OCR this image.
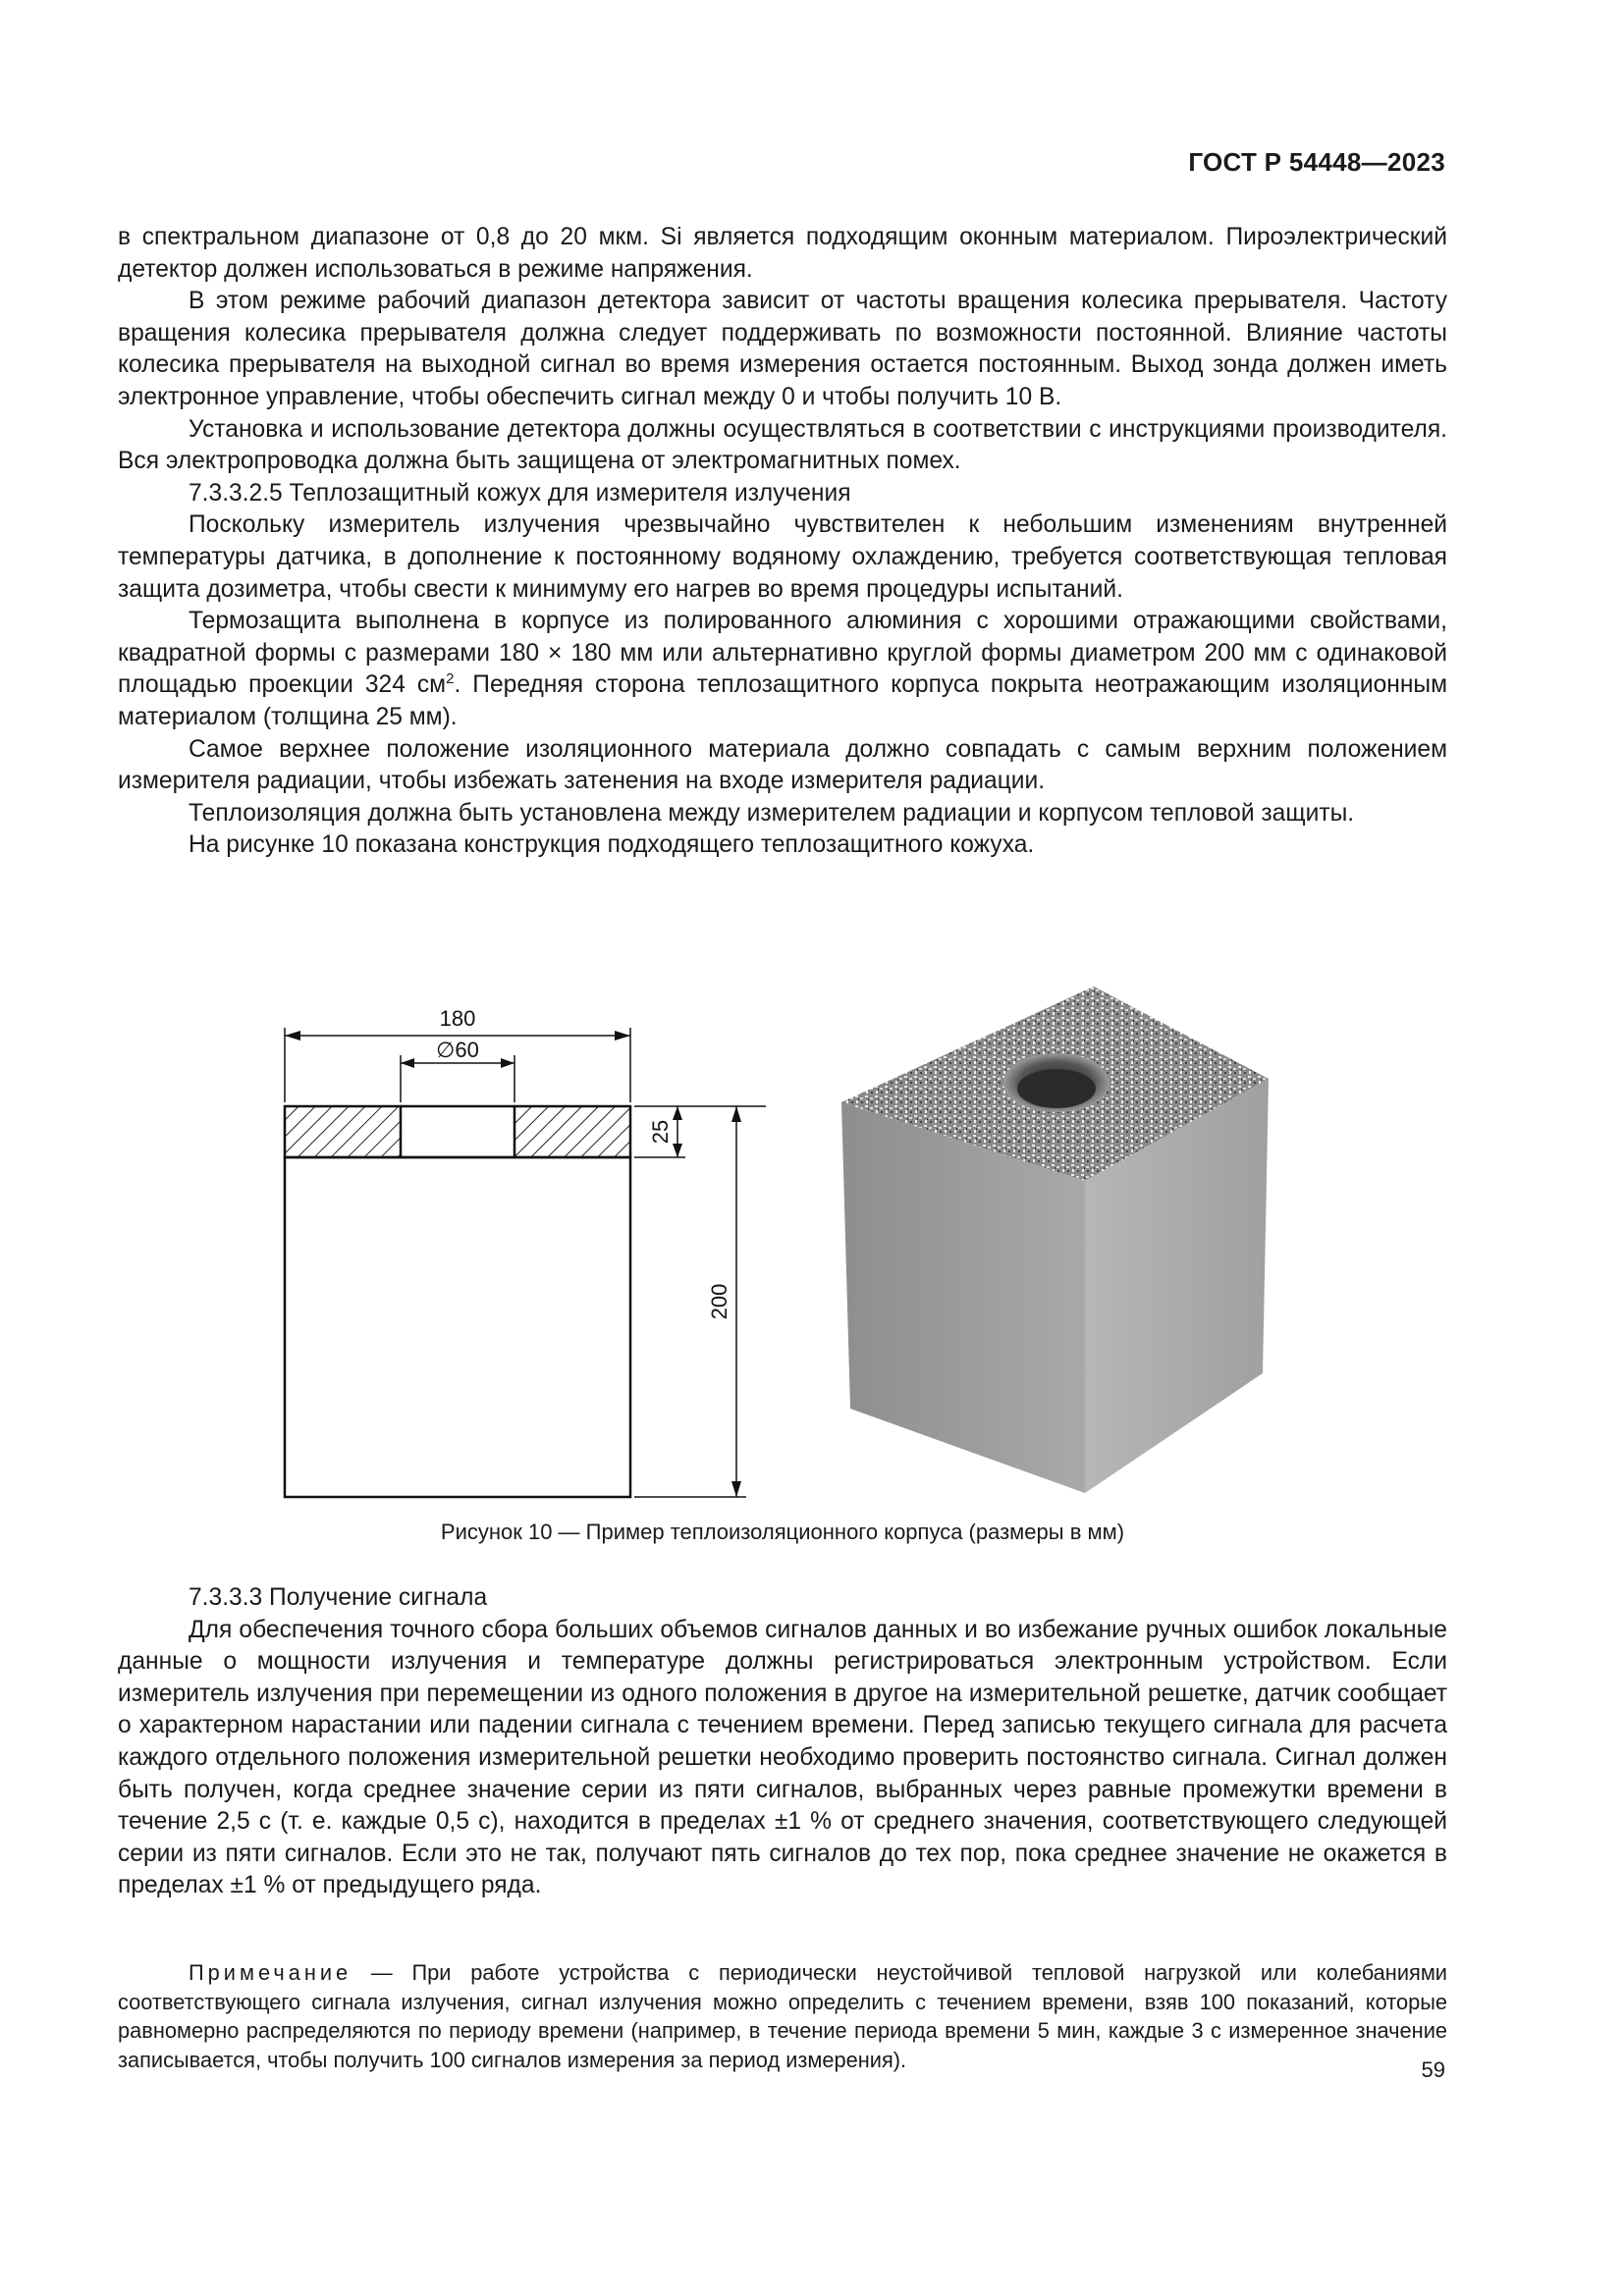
ГОСТ Р 54448—2023

в спектральном диапазоне от 0,8 до 20 мкм. Si является подходящим оконным материалом. Пироэлектрический детектор должен использоваться в режиме напряжения.

В этом режиме рабочий диапазон детектора зависит от частоты вращения колесика прерывателя. Частоту вращения колесика прерывателя должна следует поддерживать по возможности постоянной. Влияние частоты колесика прерывателя на выходной сигнал во время измерения остается постоянным. Выход зонда должен иметь электронное управление, чтобы обеспечить сигнал между 0 и чтобы получить 10 В.

Установка и использование детектора должны осуществляться в соответствии с инструкциями производителя. Вся электропроводка должна быть защищена от электромагнитных помех.

7.3.3.2.5 Теплозащитный кожух для измерителя излучения

Поскольку измеритель излучения чрезвычайно чувствителен к небольшим изменениям внутренней температуры датчика, в дополнение к постоянному водяному охлаждению, требуется соответствующая тепловая защита дозиметра, чтобы свести к минимуму его нагрев во время процедуры испытаний.

Термозащита выполнена в корпусе из полированного алюминия с хорошими отражающими свойствами, квадратной формы с размерами 180 × 180 мм или альтернативно круглой формы диаметром 200 мм с одинаковой площадью проекции 324 $см^2$. Передняя сторона теплозащитного корпуса покрыта неотражающим изоляционным материалом (толщина 25 мм).

Самое верхнее положение изоляционного материала должно совпадать с самым верхним положением измерителя радиации, чтобы избежать затенения на входе измерителя радиации.

Теплоизоляция должна быть установлена между измерителем радиации и корпусом тепловой защиты.

На рисунке 10 показана конструкция подходящего теплозащитного кожуха.

180
∅60
25
200
Рисунок 10 — Пример теплоизоляционного корпуса (размеры в мм)

7.3.3.3 Получение сигнала

Для обеспечения точного сбора больших объемов сигналов данных и во избежание ручных ошибок локальные данные о мощности излучения и температуре должны регистрироваться электронным устройством. Если измеритель излучения при перемещении из одного положения в другое на измерительной решетке, датчик сообщает о характерном нарастании или падении сигнала с течением времени. Перед записью текущего сигнала для расчета каждого отдельного положения измерительной решетки необходимо проверить постоянство сигнала. Сигнал должен быть получен, когда среднее значение серии из пяти сигналов, выбранных через равные промежутки времени в течение 2,5 с (т. е. каждые 0,5 с), находится в пределах ±1 % от среднего значения, соответствующего следующей серии из пяти сигналов. Если это не так, получают пять сигналов до тех пор, пока среднее значение не окажется в пределах ±1 % от предыдущего ряда.

Примечание — При работе устройства с периодически неустойчивой тепловой нагрузкой или колебаниями соответствующего сигнала излучения, сигнал излучения можно определить с течением времени, взяв 100 показаний, которые равномерно распределяются по периоду времени (например, в течение периода времени 5 мин, каждые 3 с измеренное значение записывается, чтобы получить 100 сигналов измерения за период измерения).	59
